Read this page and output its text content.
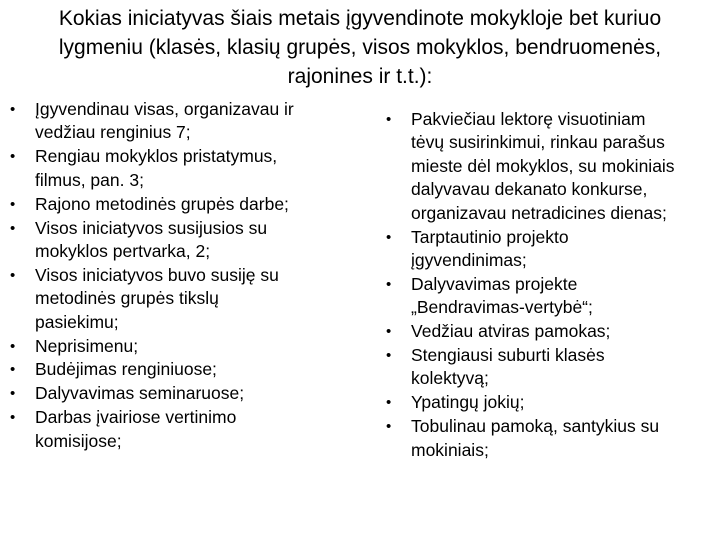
Kokias iniciatyvas šiais metais įgyvendinote mokykloje bet kuriuo
lygmeniu (klasės, klasių grupės, visos mokyklos, bendruomenės,
rajonines ir t.t.):
• Įgyvendinau visas, organizavau ir
vedžiau renginius 7;
• Rengiau mokyklos pristatymus,
filmus, pan. 3;
• Rajono metodinės grupės darbe;
• Visos iniciatyvos susijusios su
mokyklos pertvarka, 2;
• Visos iniciatyvos buvo susiję su
metodinės grupės tikslų
pasiekimu;
• Neprisimenu;
• Budėjimas renginiuose;
• Dalyvavimas seminaruose;
• Darbas įvairiose vertinimo
komisijose;
• Pakviečiau lektorę visuotiniam
tėvų susirinkimui, rinkau parašus
mieste dėl mokyklos, su mokiniais
dalyvavau dekanato konkurse,
organizavau netradicines dienas;
• Tarptautinio projekto
įgyvendinimas;
• Dalyvavimas projekte
„Bendravimas-vertybė“;
• Vedžiau atviras pamokas;
• Stengiausi suburti klasės
kolektyvą;
• Ypatingų jokių;
• Tobulinau pamoką, santykius su
mokiniais;
